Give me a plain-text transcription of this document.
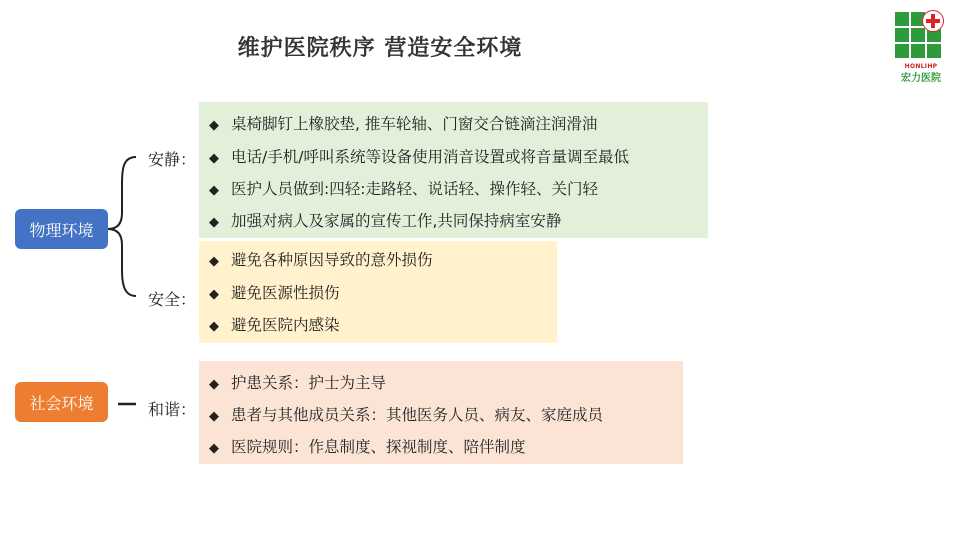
维护医院秩序 营造安全环境
HONLIHP
宏力医院
物理环境
社会环境
安静：
安全：
和谐：
◆ 桌椅脚钉上橡胶垫, 推车轮轴、门窗交合链滴注润滑油
◆ 电话/手机/呼叫系统等设备使用消音设置或将音量调至最低
◆ 医护人员做到:四轻:走路轻、说话轻、操作轻、关门轻
◆ 加强对病人及家属的宣传工作,共同保持病室安静
◆ 避免各种原因导致的意外损伤
◆ 避免医源性损伤
◆ 避免医院内感染
◆ 护患关系：护士为主导
◆ 患者与其他成员关系：其他医务人员、病友、家庭成员
◆ 医院规则：作息制度、探视制度、陪伴制度
